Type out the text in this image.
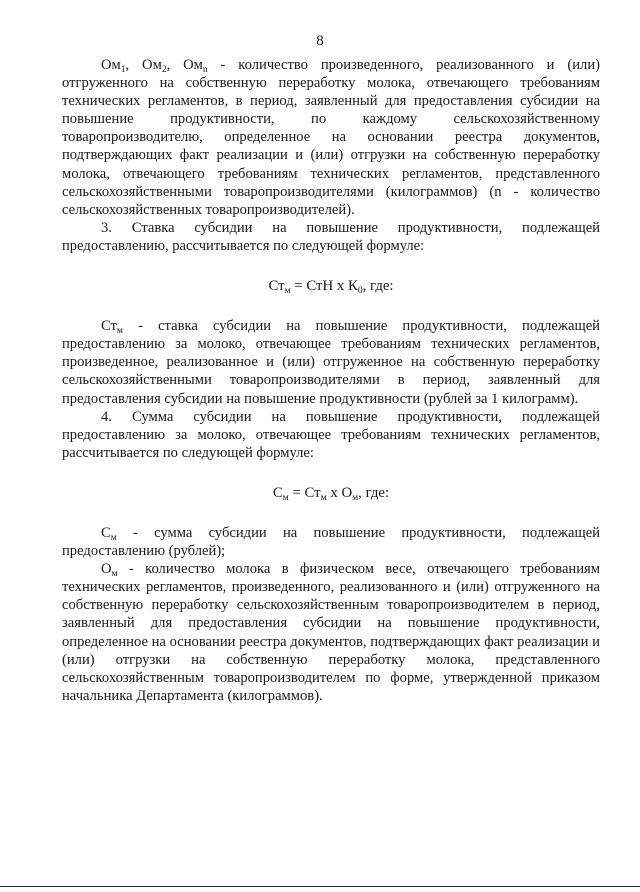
8

$Ом_1$, $Ом_2$, $Ом_n$ - количество произведенного, реализованного и (или) отгруженного на собственную переработку молока, отвечающего требованиям технических регламентов, в период, заявленный для предоставления субсидии на повышение продуктивности, по каждому сельскохозяйственному товаропроизводителю, определенное на основании реестра документов, подтверждающих факт реализации и (или) отгрузки на собственную переработку молока, отвечающего требованиям технических регламентов, представленного сельскохозяйственными товаропроизводителями (килограммов) (n - количество сельскохозяйственных товаропроизводителей).

3. Ставка субсидии на повышение продуктивности, подлежащей предоставлению, рассчитывается по следующей формуле:

$Ст_м$ = СтН х $К_0$, где:

$Ст_м$ - ставка субсидии на повышение продуктивности, подлежащей предоставлению за молоко, отвечающее требованиям технических регламентов, произведенное, реализованное и (или) отгруженное на собственную переработку сельскохозяйственными товаропроизводителями в период, заявленный для предоставления субсидии на повышение продуктивности (рублей за 1 килограмм).

4. Сумма субсидии на повышение продуктивности, подлежащей предоставлению за молоко, отвечающее требованиям технических регламентов, рассчитывается по следующей формуле:

$С_м = Ст_м$ х $О_м$, где:

$С_м$ - сумма субсидии на повышение продуктивности, подлежащей предоставлению (рублей);

$О_м$ - количество молока в физическом весе, отвечающего требованиям технических регламентов, произведенного, реализованного и (или) отгруженного на собственную переработку сельскохозяйственным товаропроизводителем в период, заявленный для предоставления субсидии на повышение продуктивности, определенное на основании реестра документов, подтверждающих факт реализации и (или) отгрузки на собственную переработку молока, представленного сельскохозяйственным товаропроизводителем по форме, утвержденной приказом начальника Департамента (килограммов).
